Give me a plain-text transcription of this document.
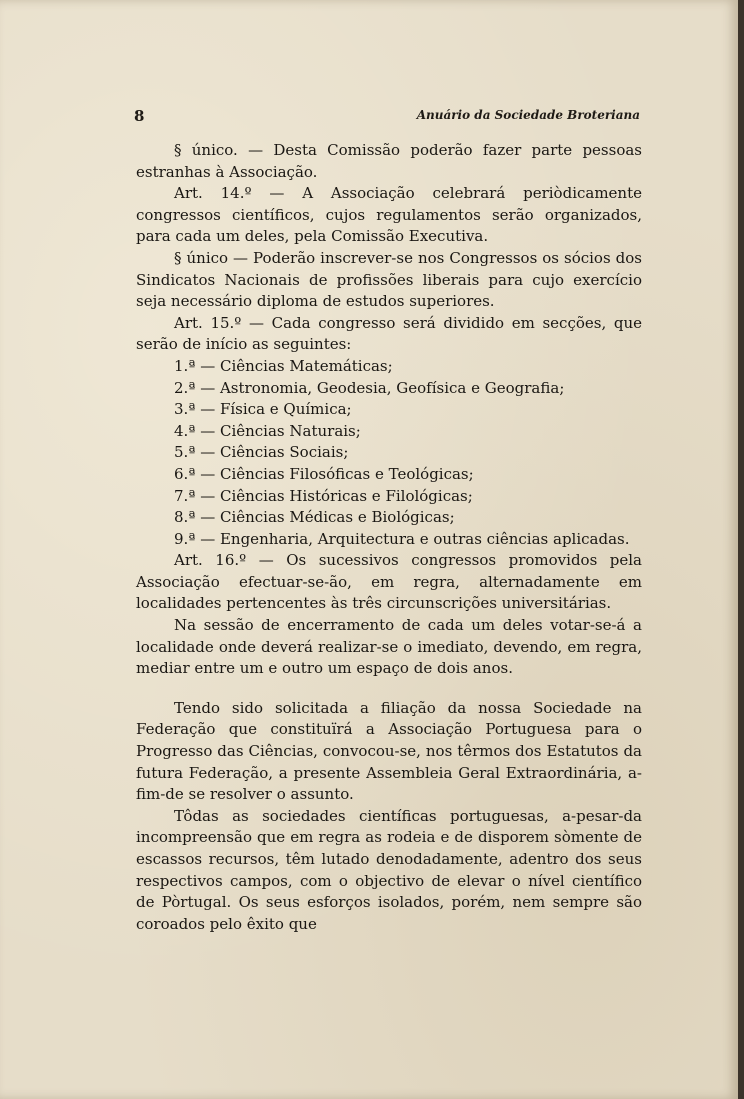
8	Anuário da Sociedade Broteriana

§ único. — Desta Comissão poderão fazer parte pessoas estranhas à Associação.

Art. 14.º — A Associação celebrará periòdicamente congressos científicos, cujos regulamentos serão organizados, para cada um deles, pela Comissão Executiva.

§ único — Poderão inscrever-se nos Congressos os sócios dos Sindicatos Nacionais de profissões liberais para cujo exercício seja necessário diploma de estudos superiores.

Art. 15.º — Cada congresso será dividido em secções, que serão de início as seguintes:

1.ª — Ciências Matemáticas;

2.ª — Astronomia, Geodesia, Geofísica e Geografia;

3.ª — Física e Química;

4.ª — Ciências Naturais;

5.ª — Ciências Sociais;

6.ª — Ciências Filosóficas e Teológicas;

7.ª — Ciências Históricas e Filológicas;

8.ª — Ciências Médicas e Biológicas;

9.ª — Engenharia, Arquitectura e outras ciências aplicadas.

Art. 16.º — Os sucessivos congressos promovidos pela Associação efectuar-se-ão, em regra, alternadamente em localidades pertencentes às três circunscrições universitárias.

Na sessão de encerramento de cada um deles votar-se-á a localidade onde deverá realizar-se o imediato, devendo, em regra, mediar entre um e outro um espaço de dois anos.

Tendo sido solicitada a filiação da nossa Sociedade na Federação que constituïrá a Associação Portuguesa para o Progresso das Ciências, convocou-se, nos têrmos dos Estatutos da futura Federação, a presente Assembleia Geral Extraordinária, a-fim-de se resolver o assunto.

Tôdas as sociedades científicas portuguesas, a-pesar-da incompreensão que em regra as rodeia e de disporem sòmente de escassos recursos, têm lutado denodadamente, adentro dos seus respectivos campos, com o objectivo de elevar o nível científico de Pòrtugal. Os seus esforços isolados, porém, nem sempre são coroados pelo êxito que
